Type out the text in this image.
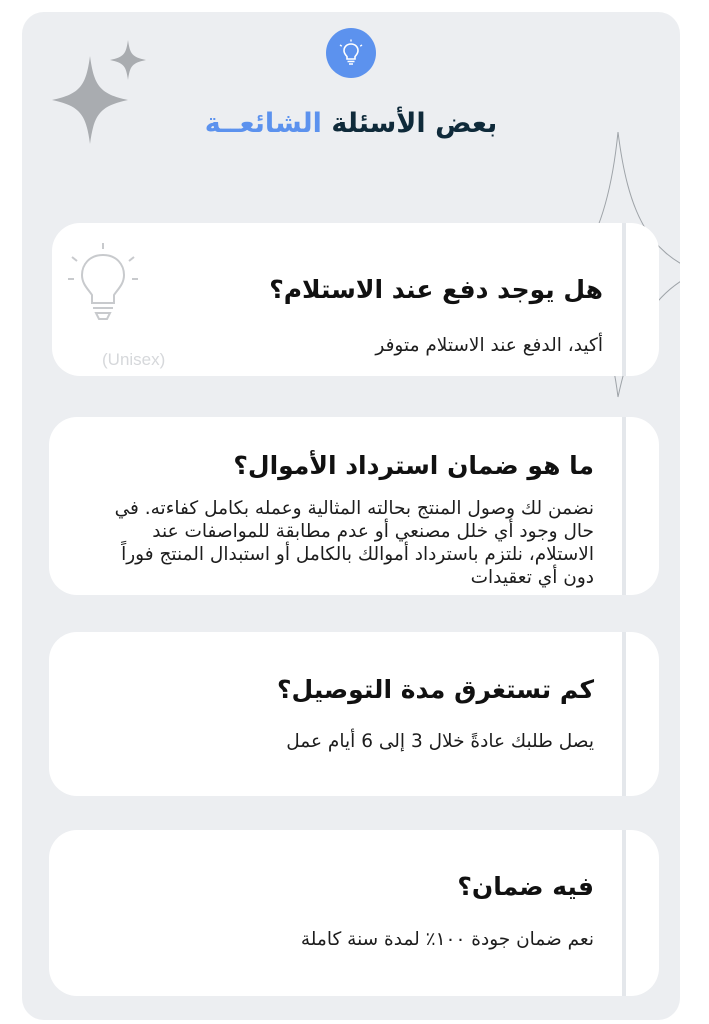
بعض الأسئلة الشائعــة
(Unisex)
هل يوجد دفع عند الاستلام؟
أكيد، الدفع عند الاستلام متوفر
ما هو ضمان استرداد الأموال؟
نضمن لك وصول المنتج بحالته المثالية وعمله بكامل كفاءته. في حال وجود أي خلل مصنعي أو عدم مطابقة للمواصفات عند الاستلام، نلتزم باسترداد أموالك بالكامل أو استبدال المنتج فوراً دون أي تعقيدات
كم تستغرق مدة التوصيل؟
يصل طلبك عادةً خلال 3 إلى 6 أيام عمل
فيه ضمان؟
نعم ضمان جودة ١٠٠٪ لمدة سنة كاملة
